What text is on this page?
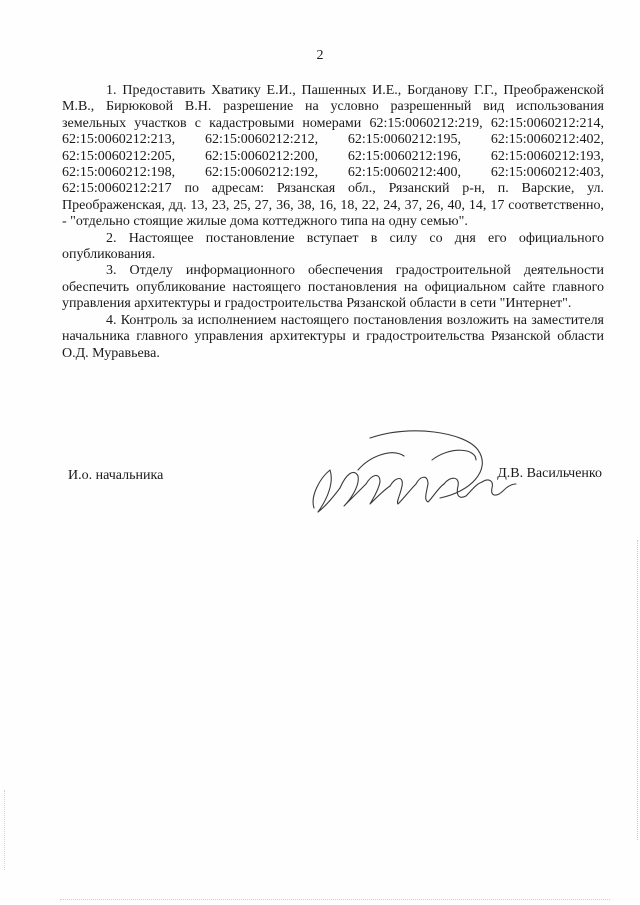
2

1. Предоставить Хватику Е.И., Пашенных И.Е., Богданову Г.Г., Преображенской М.В., Бирюковой В.Н. разрешение на условно разрешенный вид использования земельных участков с кадастровыми номерами 62:15:0060212:219, 62:15:0060212:214, 62:15:0060212:213, 62:15:0060212:212, 62:15:0060212:195, 62:15:0060212:402, 62:15:0060212:205, 62:15:0060212:200, 62:15:0060212:196, 62:15:0060212:193, 62:15:0060212:198, 62:15:0060212:192, 62:15:0060212:400, 62:15:0060212:403, 62:15:0060212:217 по адресам: Рязанская обл., Рязанский р-н, п. Варские, ул. Преображенская, дд. 13, 23, 25, 27, 36, 38, 16, 18, 22, 24, 37, 26, 40, 14, 17 соответственно, - "отдельно стоящие жилые дома коттеджного типа на одну семью".

2. Настоящее постановление вступает в силу со дня его официального опубликования.

3. Отделу информационного обеспечения градостроительной деятельности обеспечить опубликование настоящего постановления на официальном сайте главного управления архитектуры и градостроительства Рязанской области в сети "Интернет".

4. Контроль за исполнением настоящего постановления возложить на заместителя начальника главного управления архитектуры и градостроительства Рязанской области О.Д. Муравьева.

И.о. начальника	Д.В. Васильченко
